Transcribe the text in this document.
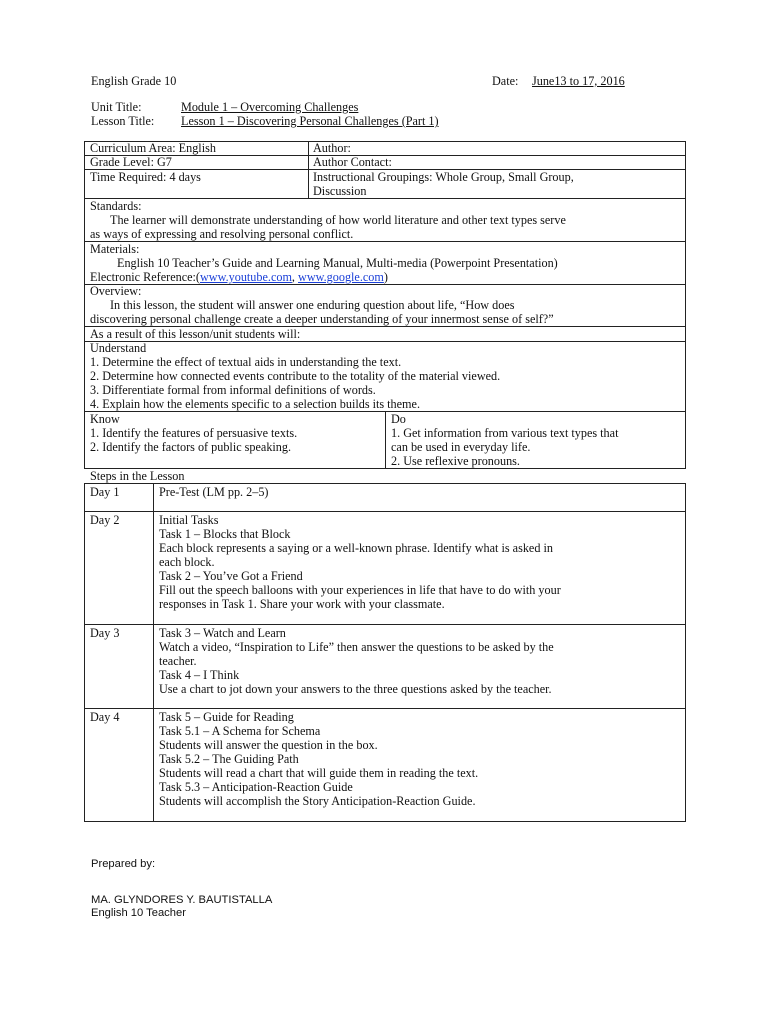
English Grade 10	Date: June13 to 17, 2016
Unit Title:	Module 1 – Overcoming Challenges
Lesson Title: Lesson 1 – Discovering Personal Challenges (Part 1)
Curriculum Area: English	Author:
Grade Level: G7	Author Contact:
Time Required: 4 days	Instructional Groupings: Whole Group, Small Group,
Discussion
Standards:
The learner will demonstrate understanding of how world literature and other text types serve
as ways of expressing and resolving personal conflict.
Materials:
English 10 Teacher’s Guide and Learning Manual, Multi-media (Powerpoint Presentation)
Electronic Reference:(www.youtube.com, www.google.com)
Overview:
In this lesson, the student will answer one enduring question about life, “How does
discovering personal challenge create a deeper understanding of your innermost sense of self?”
As a result of this lesson/unit students will:
Understand
1. Determine the effect of textual aids in understanding the text.
2. Determine how connected events contribute to the totality of the material viewed.
3. Differentiate formal from informal definitions of words.
4. Explain how the elements specific to a selection builds its theme.
Know
1. Identify the features of persuasive texts.
2. Identify the factors of public speaking.
Do
1. Get information from various text types that
can be used in everyday life.
2. Use reflexive pronouns.
Steps in the Lesson
Day 1	Pre-Test (LM pp. 2–5)
Day 2	Initial Tasks
Task 1 – Blocks that Block
Each block represents a saying or a well-known phrase. Identify what is asked in
each block.
Task 2 – You’ve Got a Friend
Fill out the speech balloons with your experiences in life that have to do with your
responses in Task 1. Share your work with your classmate.
Day 3	Task 3 – Watch and Learn
Watch a video, “Inspiration to Life” then answer the questions to be asked by the
teacher.
Task 4 – I Think
Use a chart to jot down your answers to the three questions asked by the teacher.
Day 4	Task 5 – Guide for Reading
Task 5.1 – A Schema for Schema
Students will answer the question in the box.
Task 5.2 – The Guiding Path
Students will read a chart that will guide them in reading the text.
Task 5.3 – Anticipation-Reaction Guide
Students will accomplish the Story Anticipation-Reaction Guide.
Prepared by:
MA. GLYNDORES Y. BAUTISTALLA
English 10 Teacher
